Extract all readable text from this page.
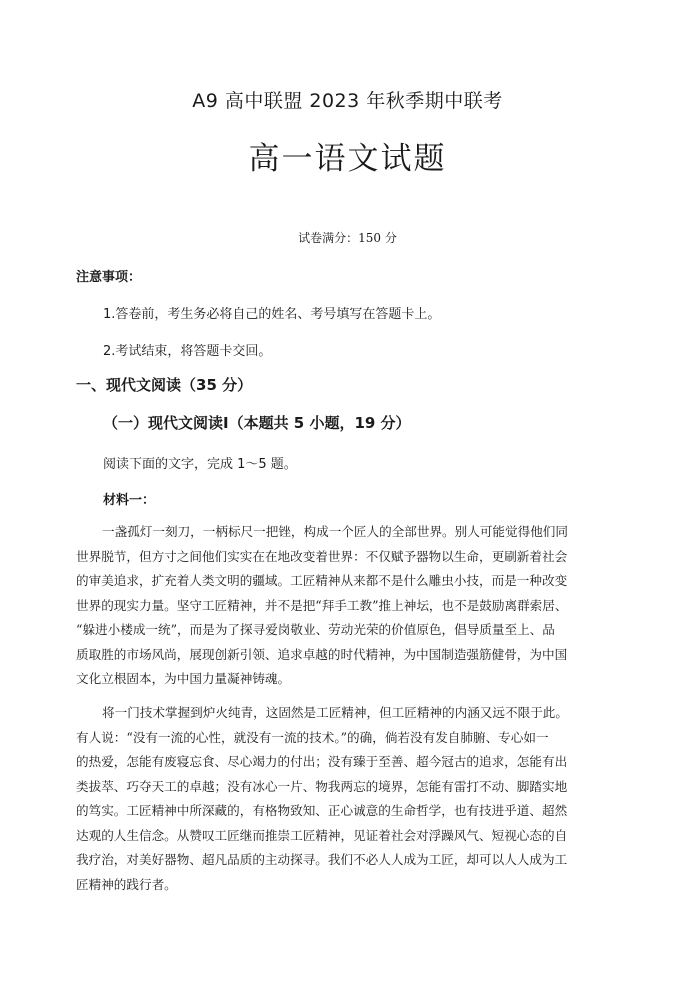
A9 高中联盟 2023 年秋季期中联考
高一语文试题
试卷满分：150 分
注意事项：
1.答卷前，考生务必将自己的姓名、考号填写在答题卡上。
2.考试结束，将答题卡交回。
一、现代文阅读（35 分）
（一）现代文阅读Ⅰ（本题共 5 小题，19 分）
阅读下面的文字，完成 1～5 题。
材料一：
一盏孤灯一刻刀，一柄标尺一把锉，构成一个匠人的全部世界。别人可能觉得他们同
世界脱节，但方寸之间他们实实在在地改变着世界：不仅赋予器物以生命，更刷新着社会
的审美追求，扩充着人类文明的疆域。工匠精神从来都不是什么雕虫小技，而是一种改变
世界的现实力量。坚守工匠精神，并不是把“拜手工教”推上神坛，也不是鼓励离群索居、
“躲进小楼成一统”，而是为了探寻爱岗敬业、劳动光荣的价值原色，倡导质量至上、品
质取胜的市场风尚，展现创新引领、追求卓越的时代精神，为中国制造强筋健骨，为中国
文化立根固本，为中国力量凝神铸魂。
将一门技术掌握到炉火纯青，这固然是工匠精神，但工匠精神的内涵又远不限于此。
有人说：“没有一流的心性，就没有一流的技术。”的确，倘若没有发自肺腑、专心如一
的热爱，怎能有废寝忘食、尽心竭力的付出；没有臻于至善、超今冠古的追求，怎能有出
类拔萃、巧夺天工的卓越；没有冰心一片、物我两忘的境界，怎能有雷打不动、脚踏实地
的笃实。工匠精神中所深藏的，有格物致知、正心诚意的生命哲学，也有技进乎道、超然
达观的人生信念。从赞叹工匠继而推崇工匠精神，见证着社会对浮躁风气、短视心态的自
我疗治，对美好器物、超凡品质的主动探寻。我们不必人人成为工匠，却可以人人成为工
匠精神的践行者。
